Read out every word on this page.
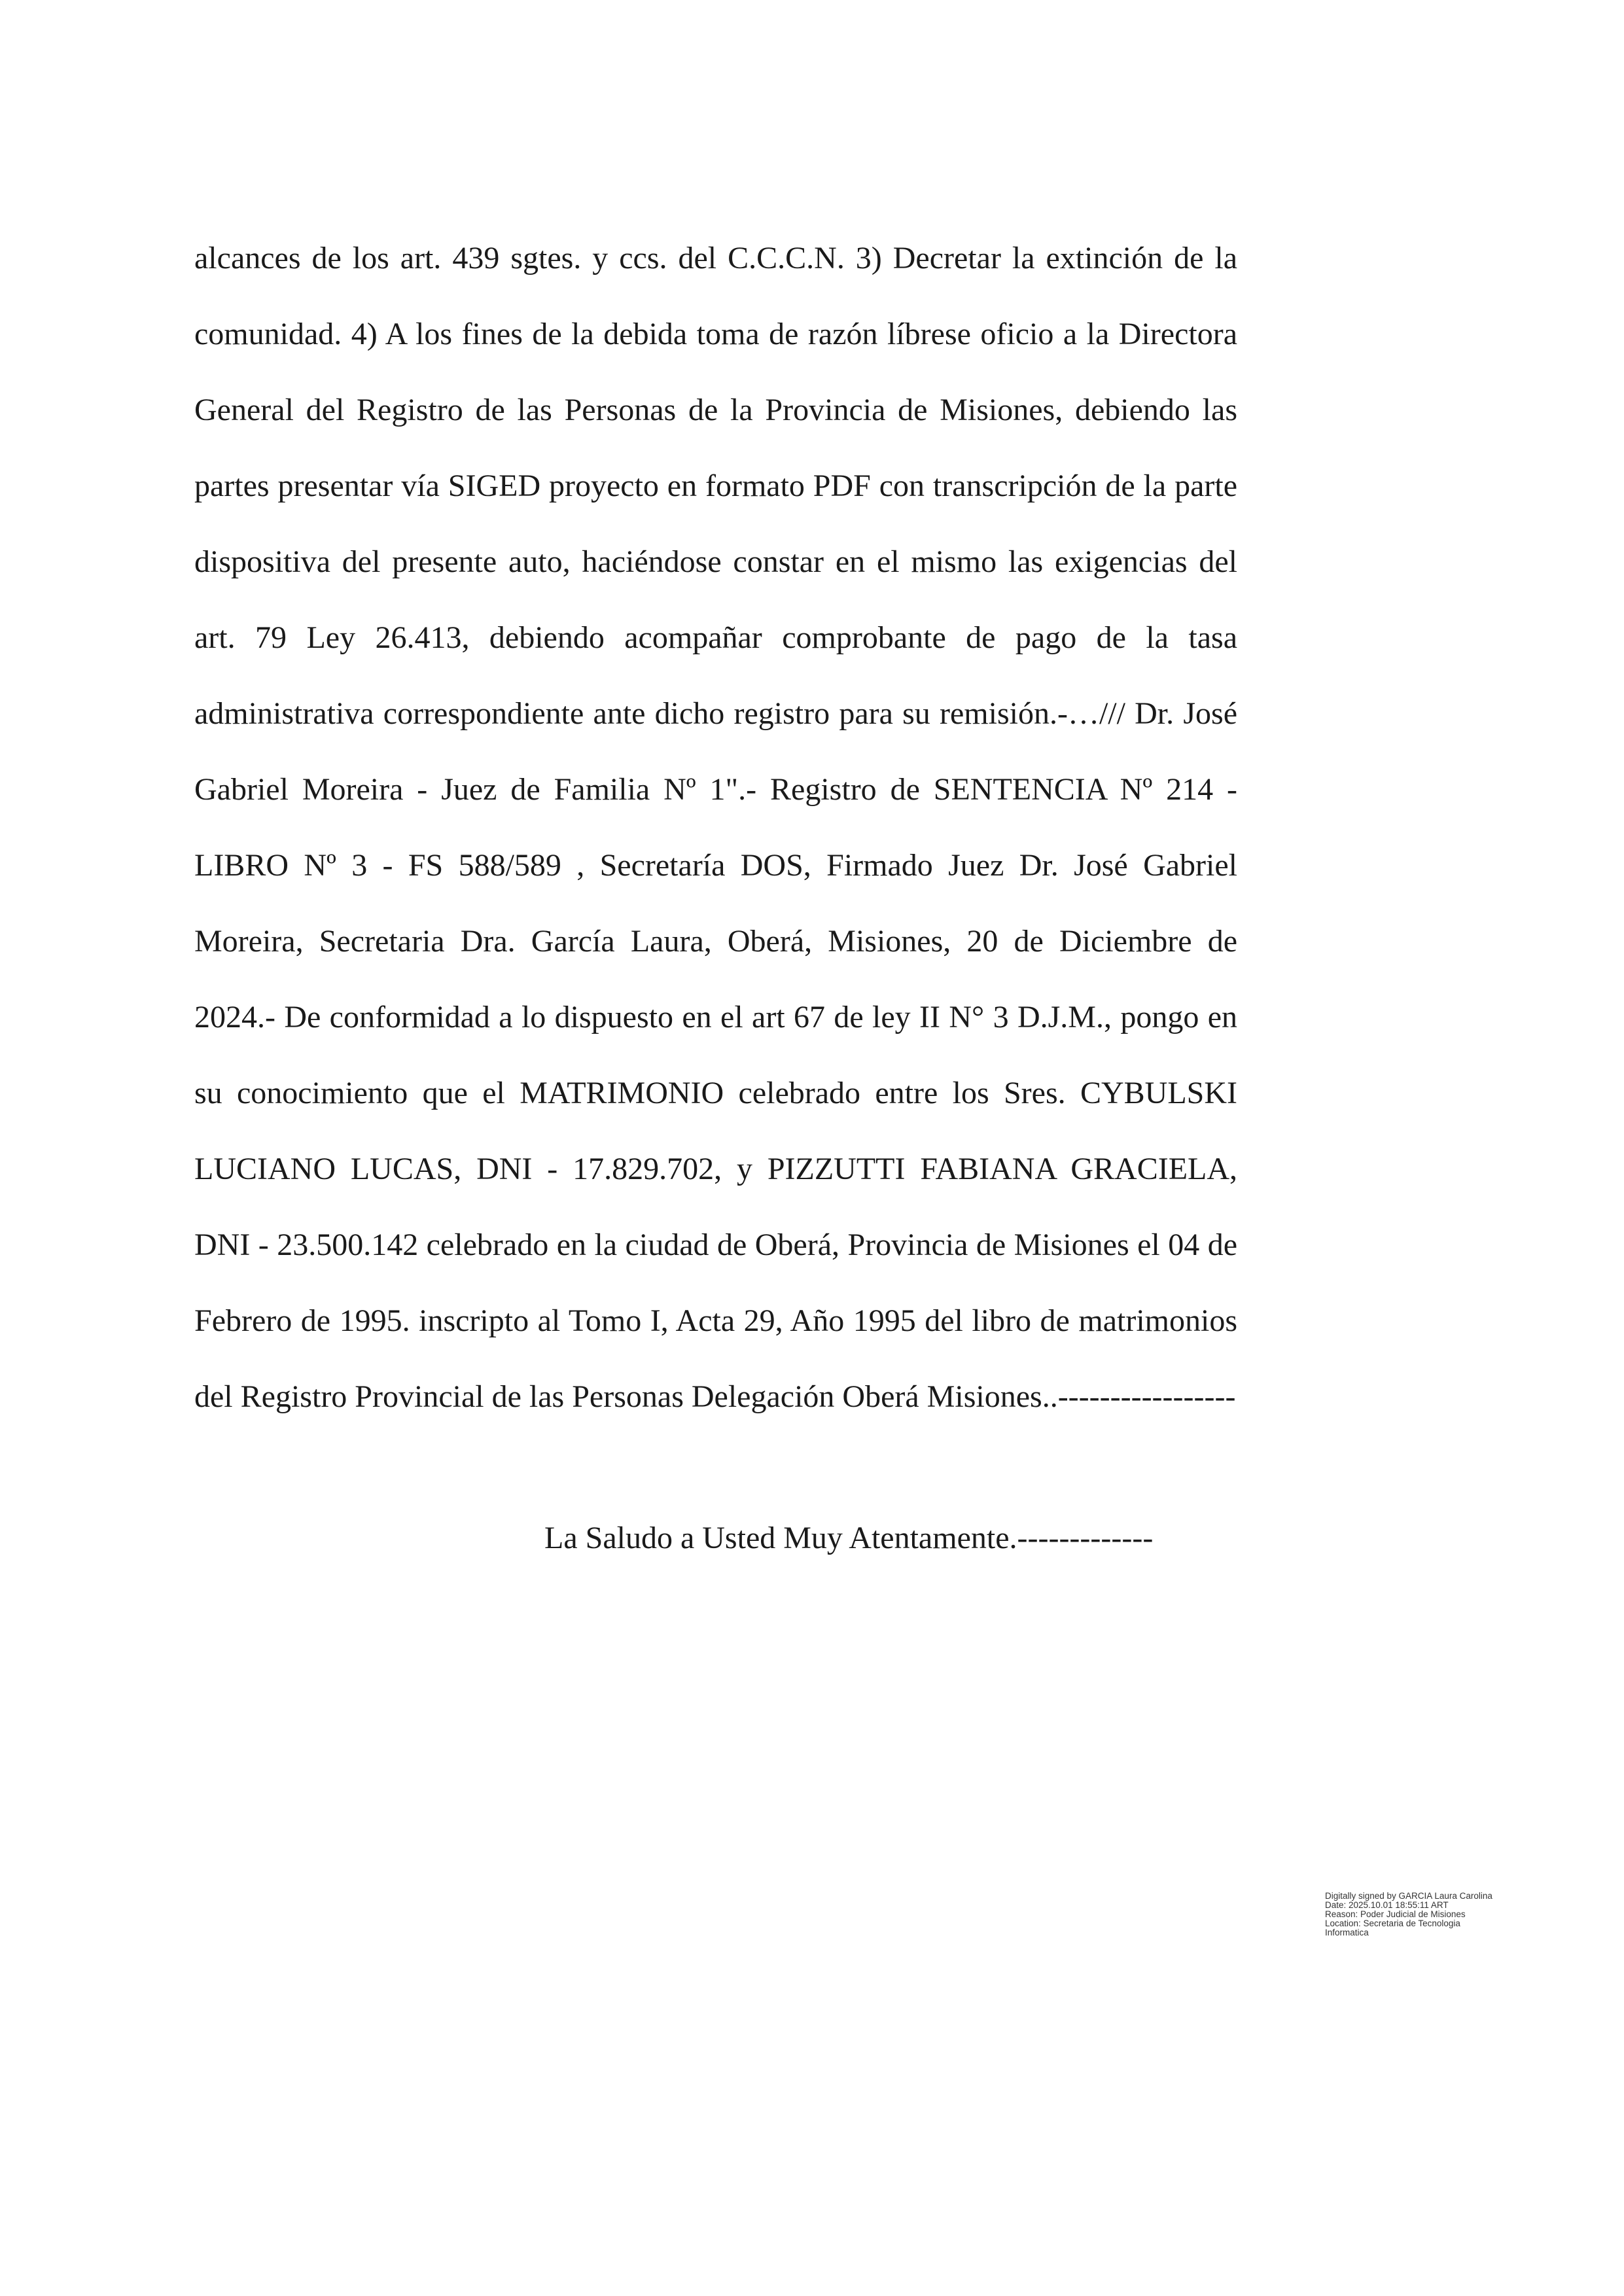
alcances de los art. 439 sgtes. y ccs. del C.C.C.N. 3) Decretar la extinción de la comunidad. 4) A los fines de la debida toma de razón líbrese oficio a la Directora General del Registro de las Personas de la Provincia de Misiones, debiendo las partes presentar vía SIGED proyecto en formato PDF con transcripción de la parte dispositiva del presente auto, haciéndose constar en el mismo las exigencias del art. 79 Ley 26.413, debiendo acompañar comprobante de pago de la tasa administrativa correspondiente ante dicho registro para su remisión.-…/// Dr. José Gabriel Moreira - Juez de Familia Nº 1".- Registro de SENTENCIA Nº 214 - LIBRO Nº 3 - FS 588/589 , Secretaría DOS, Firmado Juez Dr. José Gabriel Moreira, Secretaria Dra. García Laura, Oberá, Misiones, 20 de Diciembre de 2024.- De conformidad a lo dispuesto en el art 67 de ley II N° 3 D.J.M., pongo en su conocimiento que el MATRIMONIO celebrado entre los Sres. CYBULSKI LUCIANO LUCAS, DNI - 17.829.702, y PIZZUTTI FABIANA GRACIELA, DNI - 23.500.142 celebrado en la ciudad de Oberá, Provincia de Misiones el 04 de Febrero de 1995. inscripto al Tomo I, Acta 29, Año 1995 del libro de matrimonios del Registro Provincial de las Personas Delegación Oberá Misiones..-----------------

La Saludo a Usted Muy Atentamente.-------------

Digitally signed by GARCIA Laura Carolina
Date: 2025.10.01 18:55:11 ART
Reason: Poder Judicial de Misiones
Location: Secretaria de Tecnologia
Informatica
